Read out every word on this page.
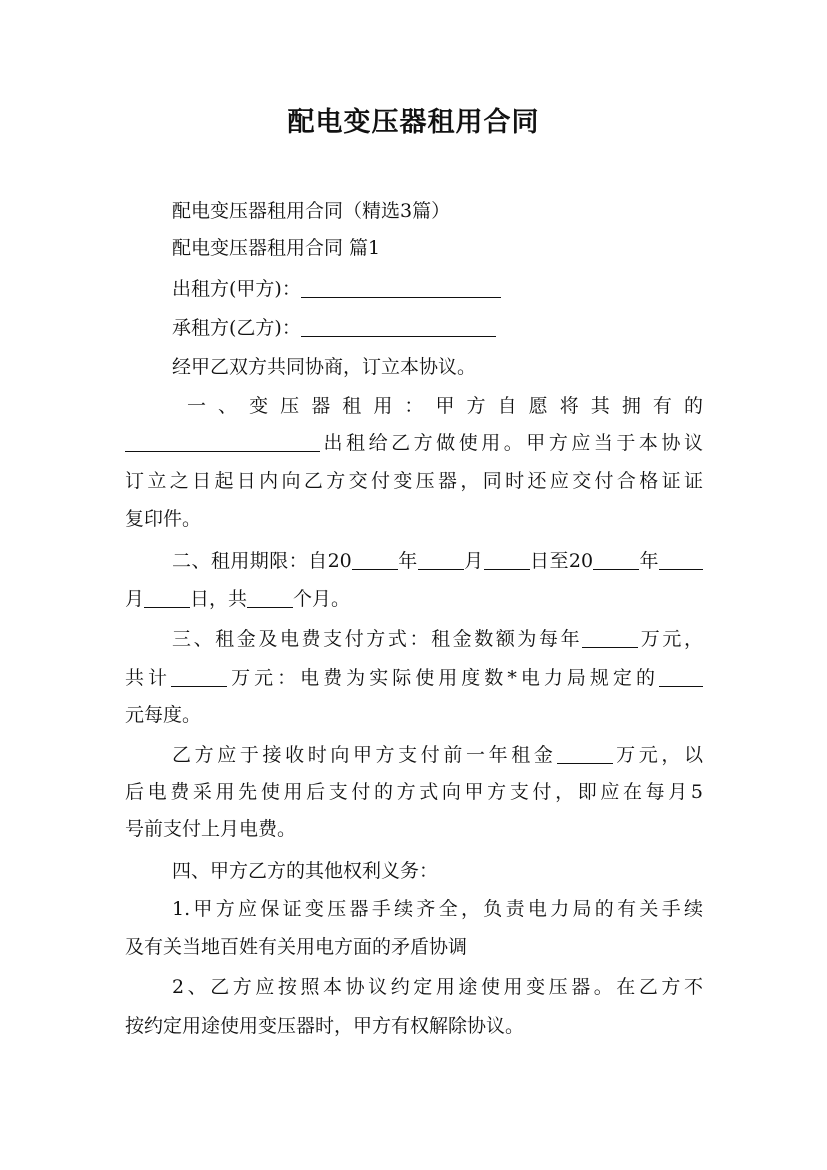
配电变压器租用合同
配电变压器租用合同（精选3篇）
配电变压器租用合同 篇1
出租方(甲方)：
承租方(乙方)：
经甲乙双方共同协商，订立本协议。
一、变压器租用：甲方自愿将其拥有的
出租给乙方做使用。甲方应当于本协议
订立之日起日内向乙方交付变压器，同时还应交付合格证证
复印件。
二、租用期限：自20 年 月 日至20 年
月 日，共 个月。
三、租金及电费支付方式：租金数额为每年	万元，
共计	万元：电费为实际使用度数*电力局规定的
元每度。
乙方应于接收时向甲方支付前一年租金	万元，以
后电费采用先使用后支付的方式向甲方支付，即应在每月5
号前支付上月电费。
四、甲方乙方的其他权利义务：
1.甲方应保证变压器手续齐全，负责电力局的有关手续
及有关当地百姓有关用电方面的矛盾协调
2、乙方应按照本协议约定用途使用变压器。在乙方不
按约定用途使用变压器时，甲方有权解除协议。
